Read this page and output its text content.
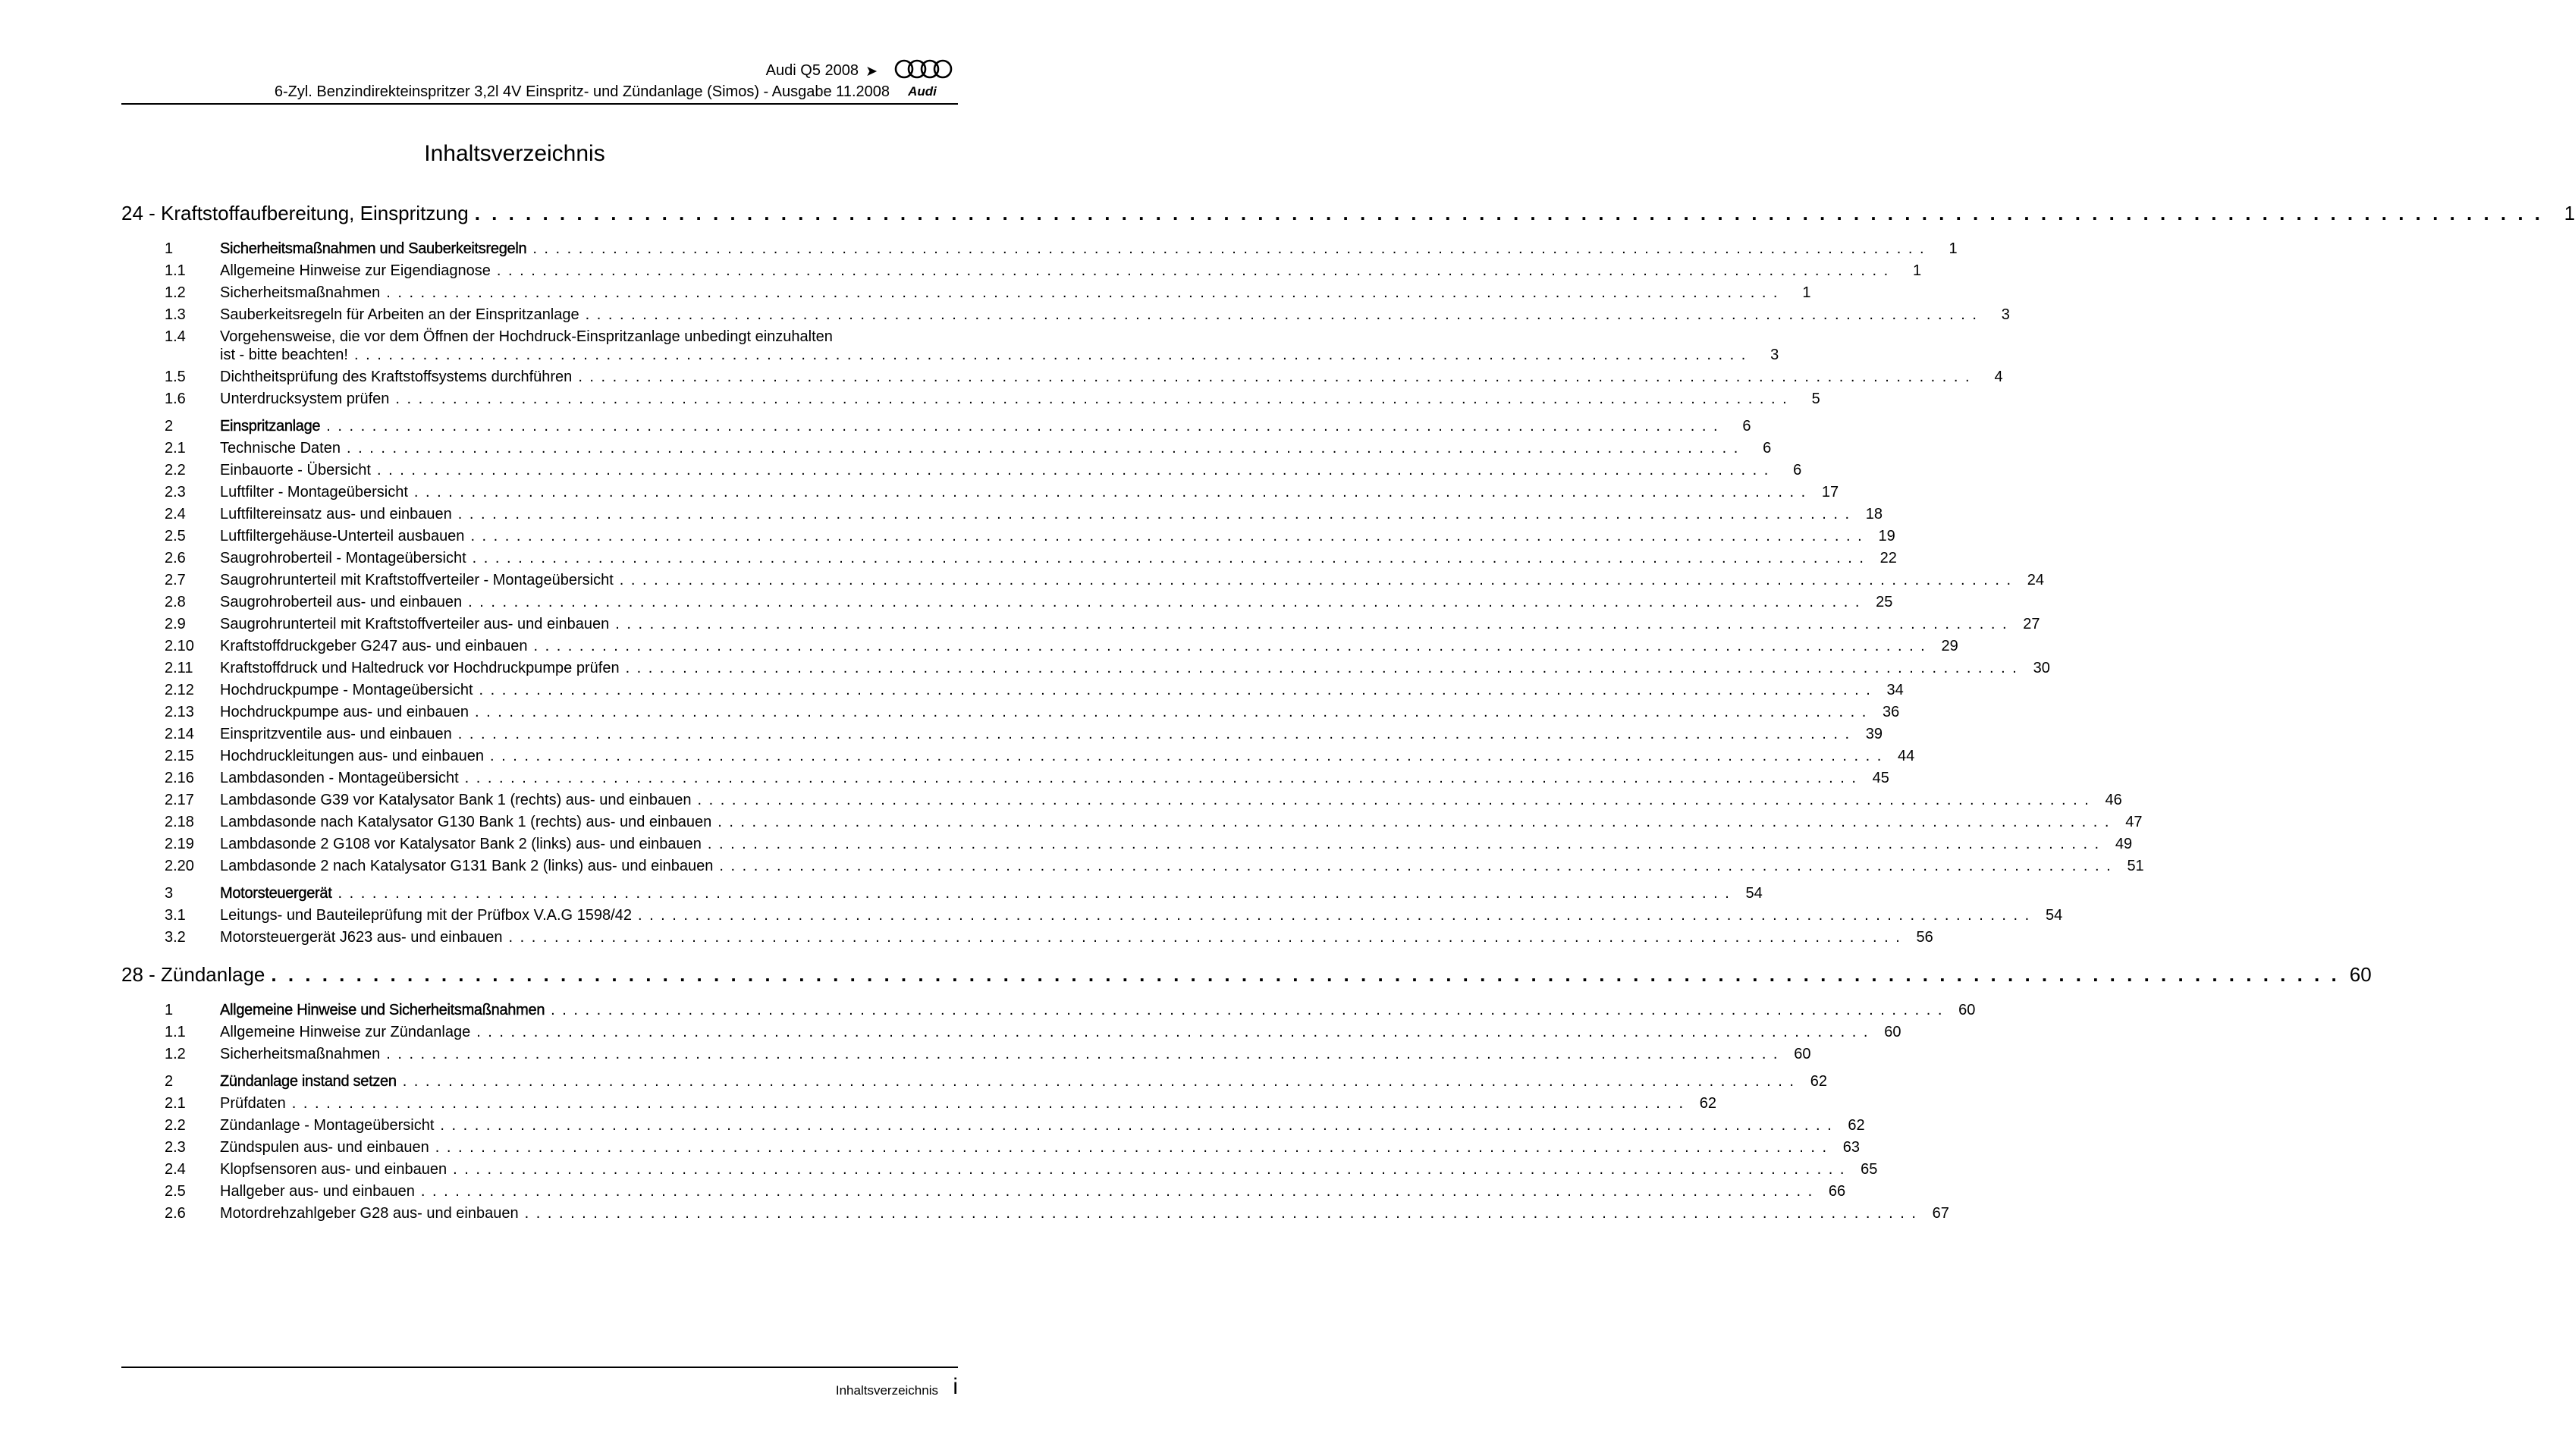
Audi Q5 2008 ➤
6-Zyl. Benzindirekteinspritzer 3,2l 4V Einspritz- und Zündanlage (Simos) - Ausgabe 11.2008 Audi
Inhaltsverzeichnis
24 - Kraftstoffaufbereitung, Einspritzung . . . . . . . . . . . . . . . . . . . . . . . . . . . . . . . . . . . . . . . . . . . . . . . . . . . . . . . . . . . . . . . . . . . . . . . . . . . . . . . . . . . . . . . . . . . . . . . . . . . . . . . . . . . . . . . . . . . . . . . . . .	1
1	Sicherheitsmaßnahmen und Sauberkeitsregeln . . . . . . . . . . . . . . . . . . . . . . . . . . . . . . . . . . . . . . . . . . . . . . . . . . . . . . . . . . . . . . . . . . . . . . . . . . . . . . . . . . . . . . . . . . . . . . . . . . . . . . . . . . . . . . . . . . . . . . . . . .	1
1.1	Allgemeine Hinweise zur Eigendiagnose . . . . . . . . . . . . . . . . . . . . . . . . . . . . . . . . . . . . . . . . . . . . . . . . . . . . . . . . . . . . . . . . . . . . . . . . . . . . . . . . . . . . . . . . . . . . . . . . . . . . . . . . . . . . . . . . . . . . . . . . . .	1
1.2	Sicherheitsmaßnahmen . . . . . . . . . . . . . . . . . . . . . . . . . . . . . . . . . . . . . . . . . . . . . . . . . . . . . . . . . . . . . . . . . . . . . . . . . . . . . . . . . . . . . . . . . . . . . . . . . . . . . . . . . . . . . . . . . . . . . . . . . .	1
1.3	Sauberkeitsregeln für Arbeiten an der Einspritzanlage . . . . . . . . . . . . . . . . . . . . . . . . . . . . . . . . . . . . . . . . . . . . . . . . . . . . . . . . . . . . . . . . . . . . . . . . . . . . . . . . . . . . . . . . . . . . . . . . . . . . . . . . . . . . . . . . . . . . . . . . . .	3
1.4	Vorgehensweise, die vor dem Öffnen der Hochdruck-Einspritzanlage unbedingt einzuhalten
ist - bitte beachten! . . . . . . . . . . . . . . . . . . . . . . . . . . . . . . . . . . . . . . . . . . . . . . . . . . . . . . . . . . . . . . . . . . . . . . . . . . . . . . . . . . . . . . . . . . . . . . . . . . . . . . . . . . . . . . . . . . . . . . . . . .	3
1.5	Dichtheitsprüfung des Kraftstoffsystems durchführen . . . . . . . . . . . . . . . . . . . . . . . . . . . . . . . . . . . . . . . . . . . . . . . . . . . . . . . . . . . . . . . . . . . . . . . . . . . . . . . . . . . . . . . . . . . . . . . . . . . . . . . . . . . . . . . . . . . . . . . . . .	4
1.6	Unterdrucksystem prüfen . . . . . . . . . . . . . . . . . . . . . . . . . . . . . . . . . . . . . . . . . . . . . . . . . . . . . . . . . . . . . . . . . . . . . . . . . . . . . . . . . . . . . . . . . . . . . . . . . . . . . . . . . . . . . . . . . . . . . . . . . .	5
2	Einspritzanlage . . . . . . . . . . . . . . . . . . . . . . . . . . . . . . . . . . . . . . . . . . . . . . . . . . . . . . . . . . . . . . . . . . . . . . . . . . . . . . . . . . . . . . . . . . . . . . . . . . . . . . . . . . . . . . . . . . . . . . . . . .	6
2.1	Technische Daten . . . . . . . . . . . . . . . . . . . . . . . . . . . . . . . . . . . . . . . . . . . . . . . . . . . . . . . . . . . . . . . . . . . . . . . . . . . . . . . . . . . . . . . . . . . . . . . . . . . . . . . . . . . . . . . . . . . . . . . . . .	6
2.2	Einbauorte - Übersicht . . . . . . . . . . . . . . . . . . . . . . . . . . . . . . . . . . . . . . . . . . . . . . . . . . . . . . . . . . . . . . . . . . . . . . . . . . . . . . . . . . . . . . . . . . . . . . . . . . . . . . . . . . . . . . . . . . . . . . . . . .	6
2.3	Luftfilter - Montageübersicht . . . . . . . . . . . . . . . . . . . . . . . . . . . . . . . . . . . . . . . . . . . . . . . . . . . . . . . . . . . . . . . . . . . . . . . . . . . . . . . . . . . . . . . . . . . . . . . . . . . . . . . . . . . . . . . . . . . . . . . . . . 17
2.4	Luftfiltereinsatz aus- und einbauen . . . . . . . . . . . . . . . . . . . . . . . . . . . . . . . . . . . . . . . . . . . . . . . . . . . . . . . . . . . . . . . . . . . . . . . . . . . . . . . . . . . . . . . . . . . . . . . . . . . . . . . . . . . . . . . . . . . . . . . . . . 18
2.5	Luftfiltergehäuse-Unterteil ausbauen . . . . . . . . . . . . . . . . . . . . . . . . . . . . . . . . . . . . . . . . . . . . . . . . . . . . . . . . . . . . . . . . . . . . . . . . . . . . . . . . . . . . . . . . . . . . . . . . . . . . . . . . . . . . . . . . . . . . . . . . . . 19
2.6	Saugrohroberteil - Montageübersicht . . . . . . . . . . . . . . . . . . . . . . . . . . . . . . . . . . . . . . . . . . . . . . . . . . . . . . . . . . . . . . . . . . . . . . . . . . . . . . . . . . . . . . . . . . . . . . . . . . . . . . . . . . . . . . . . . . . . . . . . . . 22
2.7	Saugrohrunterteil mit Kraftstoffverteiler - Montageübersicht . . . . . . . . . . . . . . . . . . . . . . . . . . . . . . . . . . . . . . . . . . . . . . . . . . . . . . . . . . . . . . . . . . . . . . . . . . . . . . . . . . . . . . . . . . . . . . . . . . . . . . . . . . . . . . . . . . . . . . . . . . 24
2.8	Saugrohroberteil aus- und einbauen . . . . . . . . . . . . . . . . . . . . . . . . . . . . . . . . . . . . . . . . . . . . . . . . . . . . . . . . . . . . . . . . . . . . . . . . . . . . . . . . . . . . . . . . . . . . . . . . . . . . . . . . . . . . . . . . . . . . . . . . . . 25
2.9	Saugrohrunterteil mit Kraftstoffverteiler aus- und einbauen . . . . . . . . . . . . . . . . . . . . . . . . . . . . . . . . . . . . . . . . . . . . . . . . . . . . . . . . . . . . . . . . . . . . . . . . . . . . . . . . . . . . . . . . . . . . . . . . . . . . . . . . . . . . . . . . . . . . . . . . . . 27
2.10	Kraftstoffdruckgeber G247 aus- und einbauen . . . . . . . . . . . . . . . . . . . . . . . . . . . . . . . . . . . . . . . . . . . . . . . . . . . . . . . . . . . . . . . . . . . . . . . . . . . . . . . . . . . . . . . . . . . . . . . . . . . . . . . . . . . . . . . . . . . . . . . . . . 29
2.11	Kraftstoffdruck und Haltedruck vor Hochdruckpumpe prüfen . . . . . . . . . . . . . . . . . . . . . . . . . . . . . . . . . . . . . . . . . . . . . . . . . . . . . . . . . . . . . . . . . . . . . . . . . . . . . . . . . . . . . . . . . . . . . . . . . . . . . . . . . . . . . . . . . . . . . . . . . . 30
2.12	Hochdruckpumpe - Montageübersicht . . . . . . . . . . . . . . . . . . . . . . . . . . . . . . . . . . . . . . . . . . . . . . . . . . . . . . . . . . . . . . . . . . . . . . . . . . . . . . . . . . . . . . . . . . . . . . . . . . . . . . . . . . . . . . . . . . . . . . . . . . 34
2.13	Hochdruckpumpe aus- und einbauen . . . . . . . . . . . . . . . . . . . . . . . . . . . . . . . . . . . . . . . . . . . . . . . . . . . . . . . . . . . . . . . . . . . . . . . . . . . . . . . . . . . . . . . . . . . . . . . . . . . . . . . . . . . . . . . . . . . . . . . . . . 36
2.14	Einspritzventile aus- und einbauen . . . . . . . . . . . . . . . . . . . . . . . . . . . . . . . . . . . . . . . . . . . . . . . . . . . . . . . . . . . . . . . . . . . . . . . . . . . . . . . . . . . . . . . . . . . . . . . . . . . . . . . . . . . . . . . . . . . . . . . . . . 39
2.15	Hochdruckleitungen aus- und einbauen . . . . . . . . . . . . . . . . . . . . . . . . . . . . . . . . . . . . . . . . . . . . . . . . . . . . . . . . . . . . . . . . . . . . . . . . . . . . . . . . . . . . . . . . . . . . . . . . . . . . . . . . . . . . . . . . . . . . . . . . . . 44
2.16	Lambdasonden - Montageübersicht . . . . . . . . . . . . . . . . . . . . . . . . . . . . . . . . . . . . . . . . . . . . . . . . . . . . . . . . . . . . . . . . . . . . . . . . . . . . . . . . . . . . . . . . . . . . . . . . . . . . . . . . . . . . . . . . . . . . . . . . . . 45
2.17	Lambdasonde G39 vor Katalysator Bank 1 (rechts) aus- und einbauen . . . . . . . . . . . . . . . . . . . . . . . . . . . . . . . . . . . . . . . . . . . . . . . . . . . . . . . . . . . . . . . . . . . . . . . . . . . . . . . . . . . . . . . . . . . . . . . . . . . . . . . . . . . . . . . . . . . . . . . . . . 46
2.18	Lambdasonde nach Katalysator G130 Bank 1 (rechts) aus- und einbauen . . . . . . . . . . . . . . . . . . . . . . . . . . . . . . . . . . . . . . . . . . . . . . . . . . . . . . . . . . . . . . . . . . . . . . . . . . . . . . . . . . . . . . . . . . . . . . . . . . . . . . . . . . . . . . . . . . . . . . . . . . 47
2.19	Lambdasonde 2 G108 vor Katalysator Bank 2 (links) aus- und einbauen . . . . . . . . . . . . . . . . . . . . . . . . . . . . . . . . . . . . . . . . . . . . . . . . . . . . . . . . . . . . . . . . . . . . . . . . . . . . . . . . . . . . . . . . . . . . . . . . . . . . . . . . . . . . . . . . . . . . . . . . . . 49
2.20	Lambdasonde 2 nach Katalysator G131 Bank 2 (links) aus- und einbauen . . . . . . . . . . . . . . . . . . . . . . . . . . . . . . . . . . . . . . . . . . . . . . . . . . . . . . . . . . . . . . . . . . . . . . . . . . . . . . . . . . . . . . . . . . . . . . . . . . . . . . . . . . . . . . . . . . . . . . . . . . 51
3	Motorsteuergerät . . . . . . . . . . . . . . . . . . . . . . . . . . . . . . . . . . . . . . . . . . . . . . . . . . . . . . . . . . . . . . . . . . . . . . . . . . . . . . . . . . . . . . . . . . . . . . . . . . . . . . . . . . . . . . . . . . . . . . . . . . 54
3.1	Leitungs- und Bauteileprüfung mit der Prüfbox V.A.G 1598/42 . . . . . . . . . . . . . . . . . . . . . . . . . . . . . . . . . . . . . . . . . . . . . . . . . . . . . . . . . . . . . . . . . . . . . . . . . . . . . . . . . . . . . . . . . . . . . . . . . . . . . . . . . . . . . . . . . . . . . . . . . . 54
3.2	Motorsteuergerät J623 aus- und einbauen . . . . . . . . . . . . . . . . . . . . . . . . . . . . . . . . . . . . . . . . . . . . . . . . . . . . . . . . . . . . . . . . . . . . . . . . . . . . . . . . . . . . . . . . . . . . . . . . . . . . . . . . . . . . . . . . . . . . . . . . . . 56
28 - Zündanlage . . . . . . . . . . . . . . . . . . . . . . . . . . . . . . . . . . . . . . . . . . . . . . . . . . . . . . . . . . . . . . . . . . . . . . . . . . . . . . . . . . . . . . . . . . . . . . . . . . . . . . . . . . . . . . . . . . . . . . . . . . 60
1	Allgemeine Hinweise und Sicherheitsmaßnahmen . . . . . . . . . . . . . . . . . . . . . . . . . . . . . . . . . . . . . . . . . . . . . . . . . . . . . . . . . . . . . . . . . . . . . . . . . . . . . . . . . . . . . . . . . . . . . . . . . . . . . . . . . . . . . . . . . . . . . . . . . . 60
1.1	Allgemeine Hinweise zur Zündanlage . . . . . . . . . . . . . . . . . . . . . . . . . . . . . . . . . . . . . . . . . . . . . . . . . . . . . . . . . . . . . . . . . . . . . . . . . . . . . . . . . . . . . . . . . . . . . . . . . . . . . . . . . . . . . . . . . . . . . . . . . . 60
1.2	Sicherheitsmaßnahmen . . . . . . . . . . . . . . . . . . . . . . . . . . . . . . . . . . . . . . . . . . . . . . . . . . . . . . . . . . . . . . . . . . . . . . . . . . . . . . . . . . . . . . . . . . . . . . . . . . . . . . . . . . . . . . . . . . . . . . . . . . 60
2	Zündanlage instand setzen . . . . . . . . . . . . . . . . . . . . . . . . . . . . . . . . . . . . . . . . . . . . . . . . . . . . . . . . . . . . . . . . . . . . . . . . . . . . . . . . . . . . . . . . . . . . . . . . . . . . . . . . . . . . . . . . . . . . . . . . . . 62
2.1	Prüfdaten . . . . . . . . . . . . . . . . . . . . . . . . . . . . . . . . . . . . . . . . . . . . . . . . . . . . . . . . . . . . . . . . . . . . . . . . . . . . . . . . . . . . . . . . . . . . . . . . . . . . . . . . . . . . . . . . . . . . . . . . . . 62
2.2	Zündanlage - Montageübersicht . . . . . . . . . . . . . . . . . . . . . . . . . . . . . . . . . . . . . . . . . . . . . . . . . . . . . . . . . . . . . . . . . . . . . . . . . . . . . . . . . . . . . . . . . . . . . . . . . . . . . . . . . . . . . . . . . . . . . . . . . . 62
2.3	Zündspulen aus- und einbauen . . . . . . . . . . . . . . . . . . . . . . . . . . . . . . . . . . . . . . . . . . . . . . . . . . . . . . . . . . . . . . . . . . . . . . . . . . . . . . . . . . . . . . . . . . . . . . . . . . . . . . . . . . . . . . . . . . . . . . . . . . 63
2.4	Klopfsensoren aus- und einbauen . . . . . . . . . . . . . . . . . . . . . . . . . . . . . . . . . . . . . . . . . . . . . . . . . . . . . . . . . . . . . . . . . . . . . . . . . . . . . . . . . . . . . . . . . . . . . . . . . . . . . . . . . . . . . . . . . . . . . . . . . . 65
2.5	Hallgeber aus- und einbauen . . . . . . . . . . . . . . . . . . . . . . . . . . . . . . . . . . . . . . . . . . . . . . . . . . . . . . . . . . . . . . . . . . . . . . . . . . . . . . . . . . . . . . . . . . . . . . . . . . . . . . . . . . . . . . . . . . . . . . . . . . 66
2.6	Motordrehzahlgeber G28 aus- und einbauen . . . . . . . . . . . . . . . . . . . . . . . . . . . . . . . . . . . . . . . . . . . . . . . . . . . . . . . . . . . . . . . . . . . . . . . . . . . . . . . . . . . . . . . . . . . . . . . . . . . . . . . . . . . . . . . . . . . . . . . . . . 67
Inhaltsverzeichnis i
